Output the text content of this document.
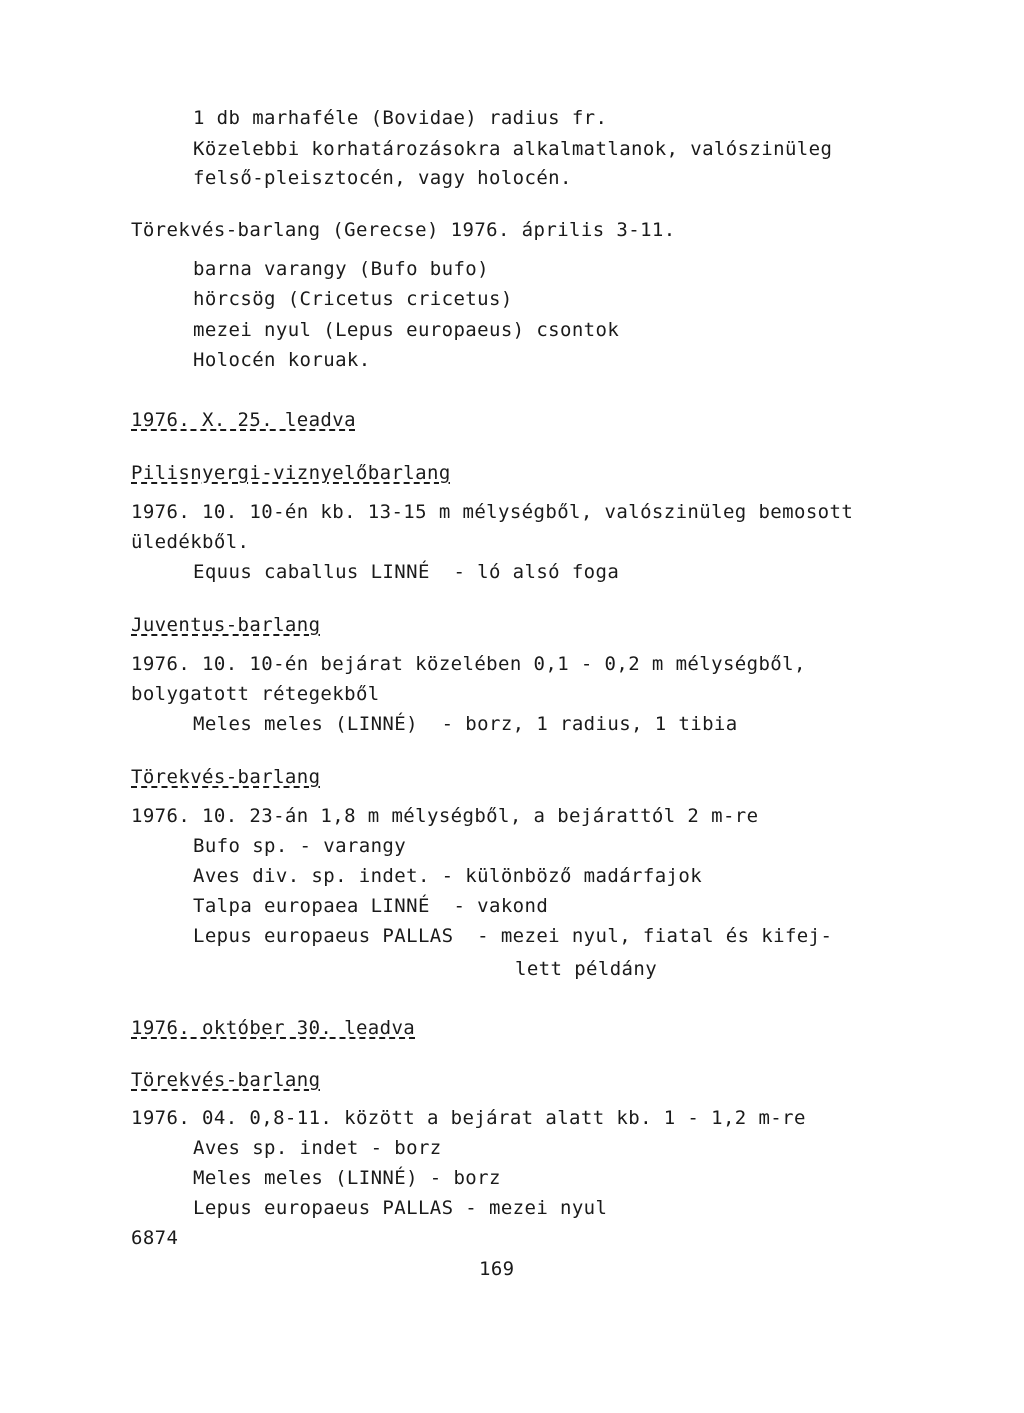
1 db marhaféle (Bovidae) radius fr.
Közelebbi korhatározásokra alkalmatlanok, valószinüleg
felső-pleisztocén, vagy holocén.
Törekvés-barlang (Gerecse) 1976. április 3-11.
barna varangy (Bufo bufo)
hörcsög (Cricetus cricetus)
mezei nyul (Lepus europaeus) csontok
Holocén koruak.
1976. X. 25. leadva
Pilisnyergi-viznyelőbarlang
1976. 10. 10-én kb. 13-15 m mélységből, valószinüleg bemosott
üledékből.
Equus caballus LINNÉ  - ló alsó foga
Juventus-barlang
1976. 10. 10-én bejárat közelében 0,1 - 0,2 m mélységből,
bolygatott rétegekből
Meles meles (LINNÉ)  - borz, 1 radius, 1 tibia
Törekvés-barlang
1976. 10. 23-án 1,8 m mélységből, a bejárattól 2 m-re
Bufo sp. - varangy
Aves div. sp. indet. - különböző madárfajok
Talpa europaea LINNÉ  - vakond
Lepus europaeus PALLAS  - mezei nyul, fiatal és kifej-
lett példány
1976. október 30. leadva
Törekvés-barlang
1976. 04. 0,8-11. között a bejárat alatt kb. 1 - 1,2 m-re
Aves sp. indet - borz
Meles meles (LINNÉ) - borz
Lepus europaeus PALLAS - mezei nyul
6874
169
